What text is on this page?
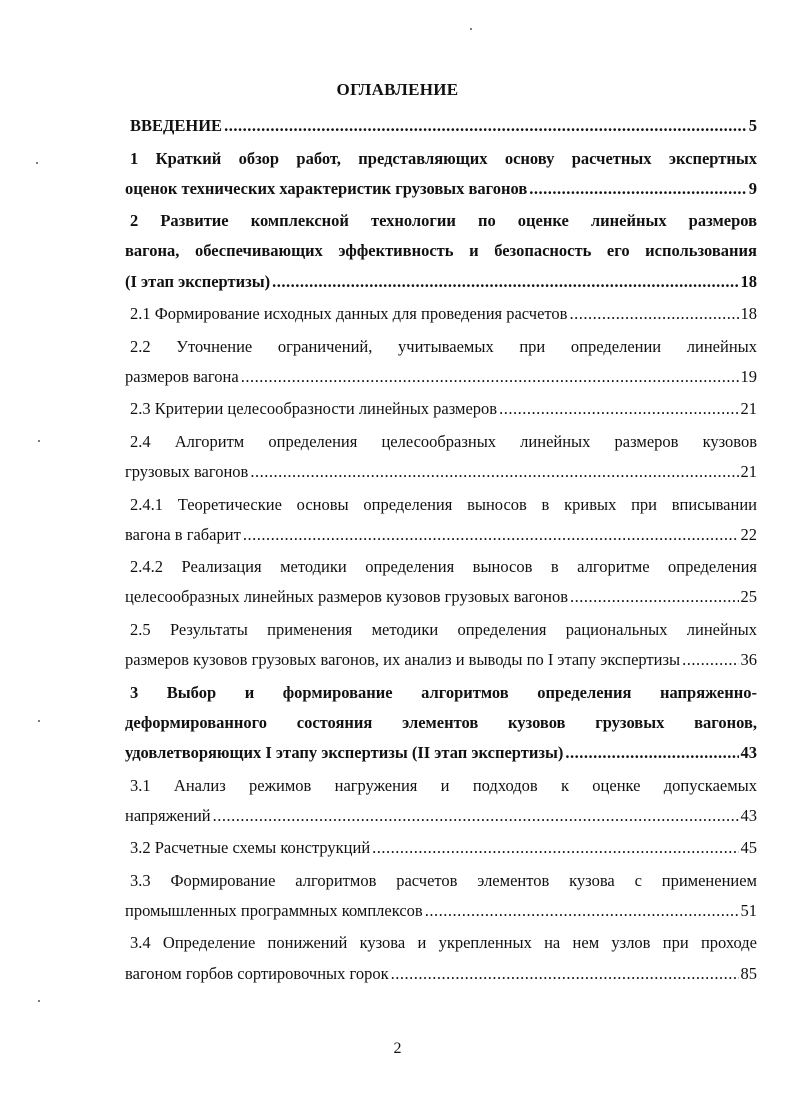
ОГЛАВЛЕНИЕ
ВВЕДЕНИЕ .....	5
1 Краткий обзор работ, представляющих основу расчетных экспертных
оценок технических характеристик грузовых вагонов .....	9
2 Развитие комплексной технологии по оценке линейных размеров
вагона, обеспечивающих эффективность и безопасность его использования
(I этап экспертизы) .....	18
2.1 Формирование исходных данных для проведения расчетов .....	18
2.2 Уточнение ограничений, учитываемых при определении линейных
размеров вагона .....	19
2.3 Критерии целесообразности линейных размеров .....	21
2.4 Алгоритм определения целесообразных линейных размеров кузовов
грузовых вагонов .....	21
2.4.1 Теоретические основы определения выносов в кривых при вписывании
вагона в габарит .....	22
2.4.2 Реализация методики определения выносов в алгоритме определения
целесообразных линейных размеров кузовов грузовых вагонов .....	25
2.5 Результаты применения методики определения рациональных линейных
размеров кузовов грузовых вагонов, их анализ и выводы по I этапу экспертизы .....	36
3 Выбор и формирование алгоритмов определения напряженно-
деформированного состояния элементов кузовов грузовых вагонов,
удовлетворяющих I этапу экспертизы (II этап экспертизы) .....	43
3.1 Анализ режимов нагружения и подходов к оценке допускаемых
напряжений .....	43
3.2 Расчетные схемы конструкций .....	45
3.3 Формирование алгоритмов расчетов элементов кузова с применением
промышленных программных комплексов .....	51
3.4 Определение понижений кузова и укрепленных на нем узлов при проходе
вагоном горбов сортировочных горок .....	85
2
